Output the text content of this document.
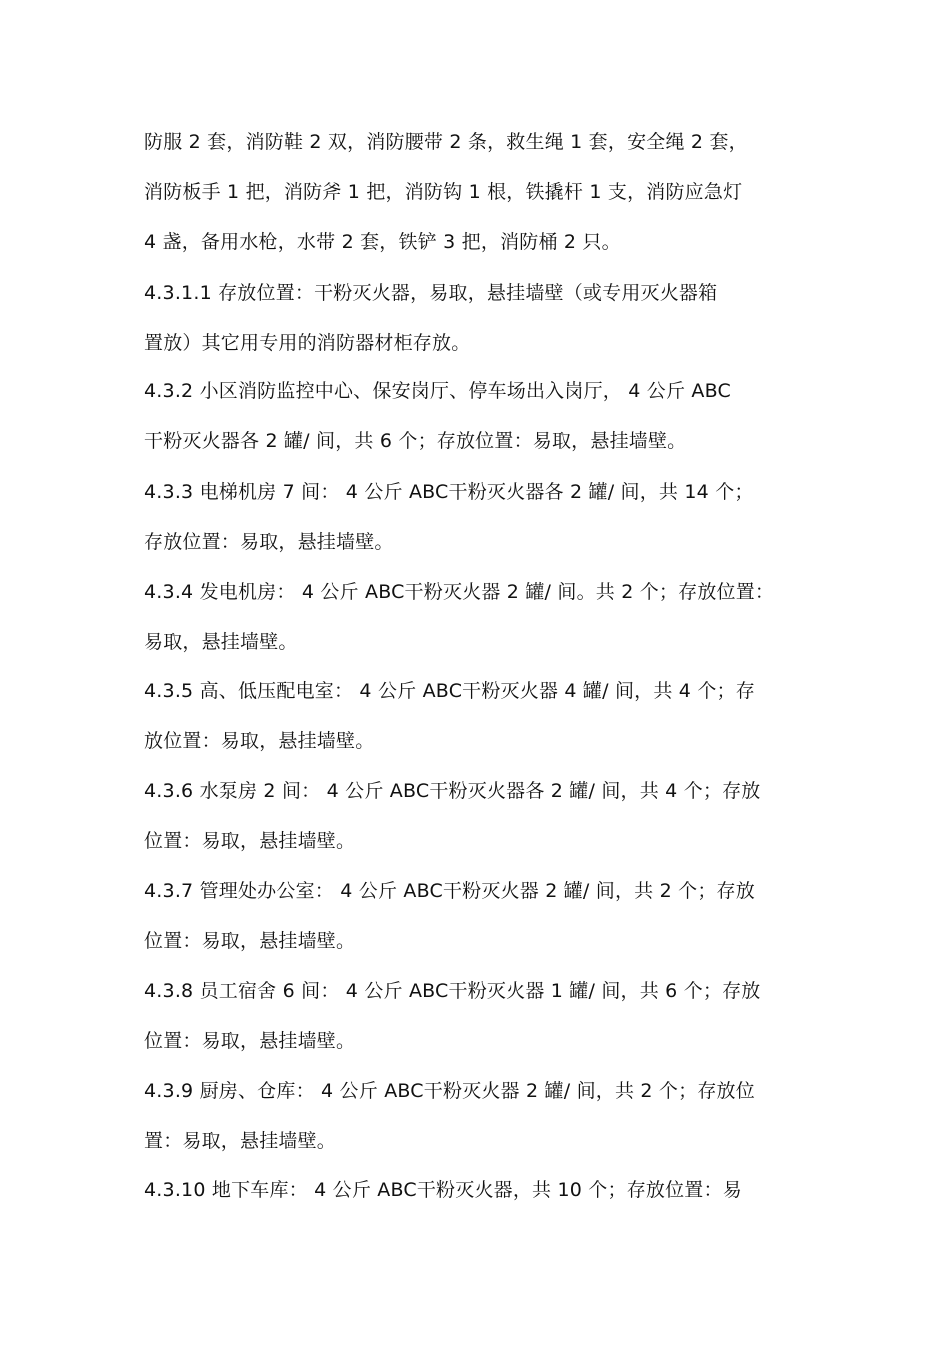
防服 2 套，消防鞋 2 双，消防腰带 2 条，救生绳 1 套，安全绳 2 套，
消防板手 1 把，消防斧 1 把，消防钩 1 根，铁撬杆 1 支，消防应急灯
4 盏，备用水枪，水带 2 套，铁铲 3 把，消防桶 2 只。
4.3.1.1 存放位置：干粉灭火器，易取，悬挂墙壁（或专用灭火器箱
置放）其它用专用的消防器材柜存放。
4.3.2 小区消防监控中心、保安岗厅、停车场出入岗厅， 4 公斤 ABC
干粉灭火器各 2 罐/ 间，共 6 个；存放位置：易取，悬挂墙壁。
4.3.3 电梯机房 7 间： 4 公斤 ABC干粉灭火器各 2 罐/ 间，共 14 个；
存放位置：易取，悬挂墙壁。
4.3.4 发电机房： 4 公斤 ABC干粉灭火器 2 罐/ 间。共 2 个；存放位置：
易取，悬挂墙壁。
4.3.5 高、低压配电室： 4 公斤 ABC干粉灭火器 4 罐/ 间，共 4 个；存
放位置：易取，悬挂墙壁。
4.3.6 水泵房 2 间： 4 公斤 ABC干粉灭火器各 2 罐/ 间，共 4 个；存放
位置：易取，悬挂墙壁。
4.3.7 管理处办公室： 4 公斤 ABC干粉灭火器 2 罐/ 间，共 2 个；存放
位置：易取，悬挂墙壁。
4.3.8 员工宿舍 6 间： 4 公斤 ABC干粉灭火器 1 罐/ 间，共 6 个；存放
位置：易取，悬挂墙壁。
4.3.9 厨房、仓库： 4 公斤 ABC干粉灭火器 2 罐/ 间，共 2 个；存放位
置：易取，悬挂墙壁。
4.3.10 地下车库： 4 公斤 ABC干粉灭火器，共 10 个；存放位置：易
